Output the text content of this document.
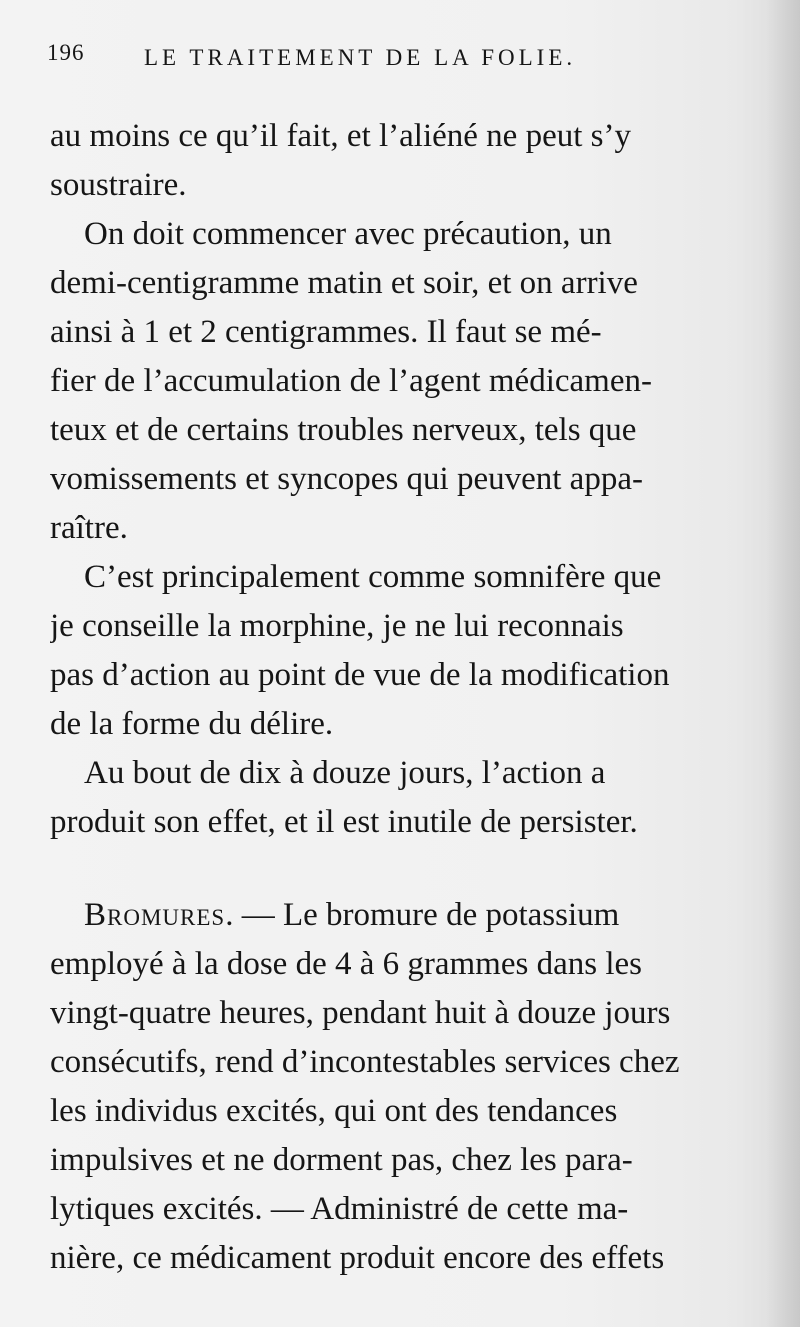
196	LE TRAITEMENT DE LA FOLIE.

au moins ce qu’il fait, et l’aliéné ne peut s’y
soustraire.

On doit commencer avec précaution, un
demi-centigramme matin et soir, et on arrive
ainsi à 1 et 2 centigrammes. Il faut se mé-
fier de l’accumulation de l’agent médicamen-
teux et de certains troubles nerveux, tels que
vomissements et syncopes qui peuvent appa-
raître.

C’est principalement comme somnifère que
je conseille la morphine, je ne lui reconnais
pas d’action au point de vue de la modification
de la forme du délire.

Au bout de dix à douze jours, l’action a
produit son effet, et il est inutile de persister.

Bromures. — Le bromure de potassium
employé à la dose de 4 à 6 grammes dans les
vingt-quatre heures, pendant huit à douze jours
consécutifs, rend d’incontestables services chez
les individus excités, qui ont des tendances
impulsives et ne dorment pas, chez les para-
lytiques excités. — Administré de cette ma-
nière, ce médicament produit encore des effets
